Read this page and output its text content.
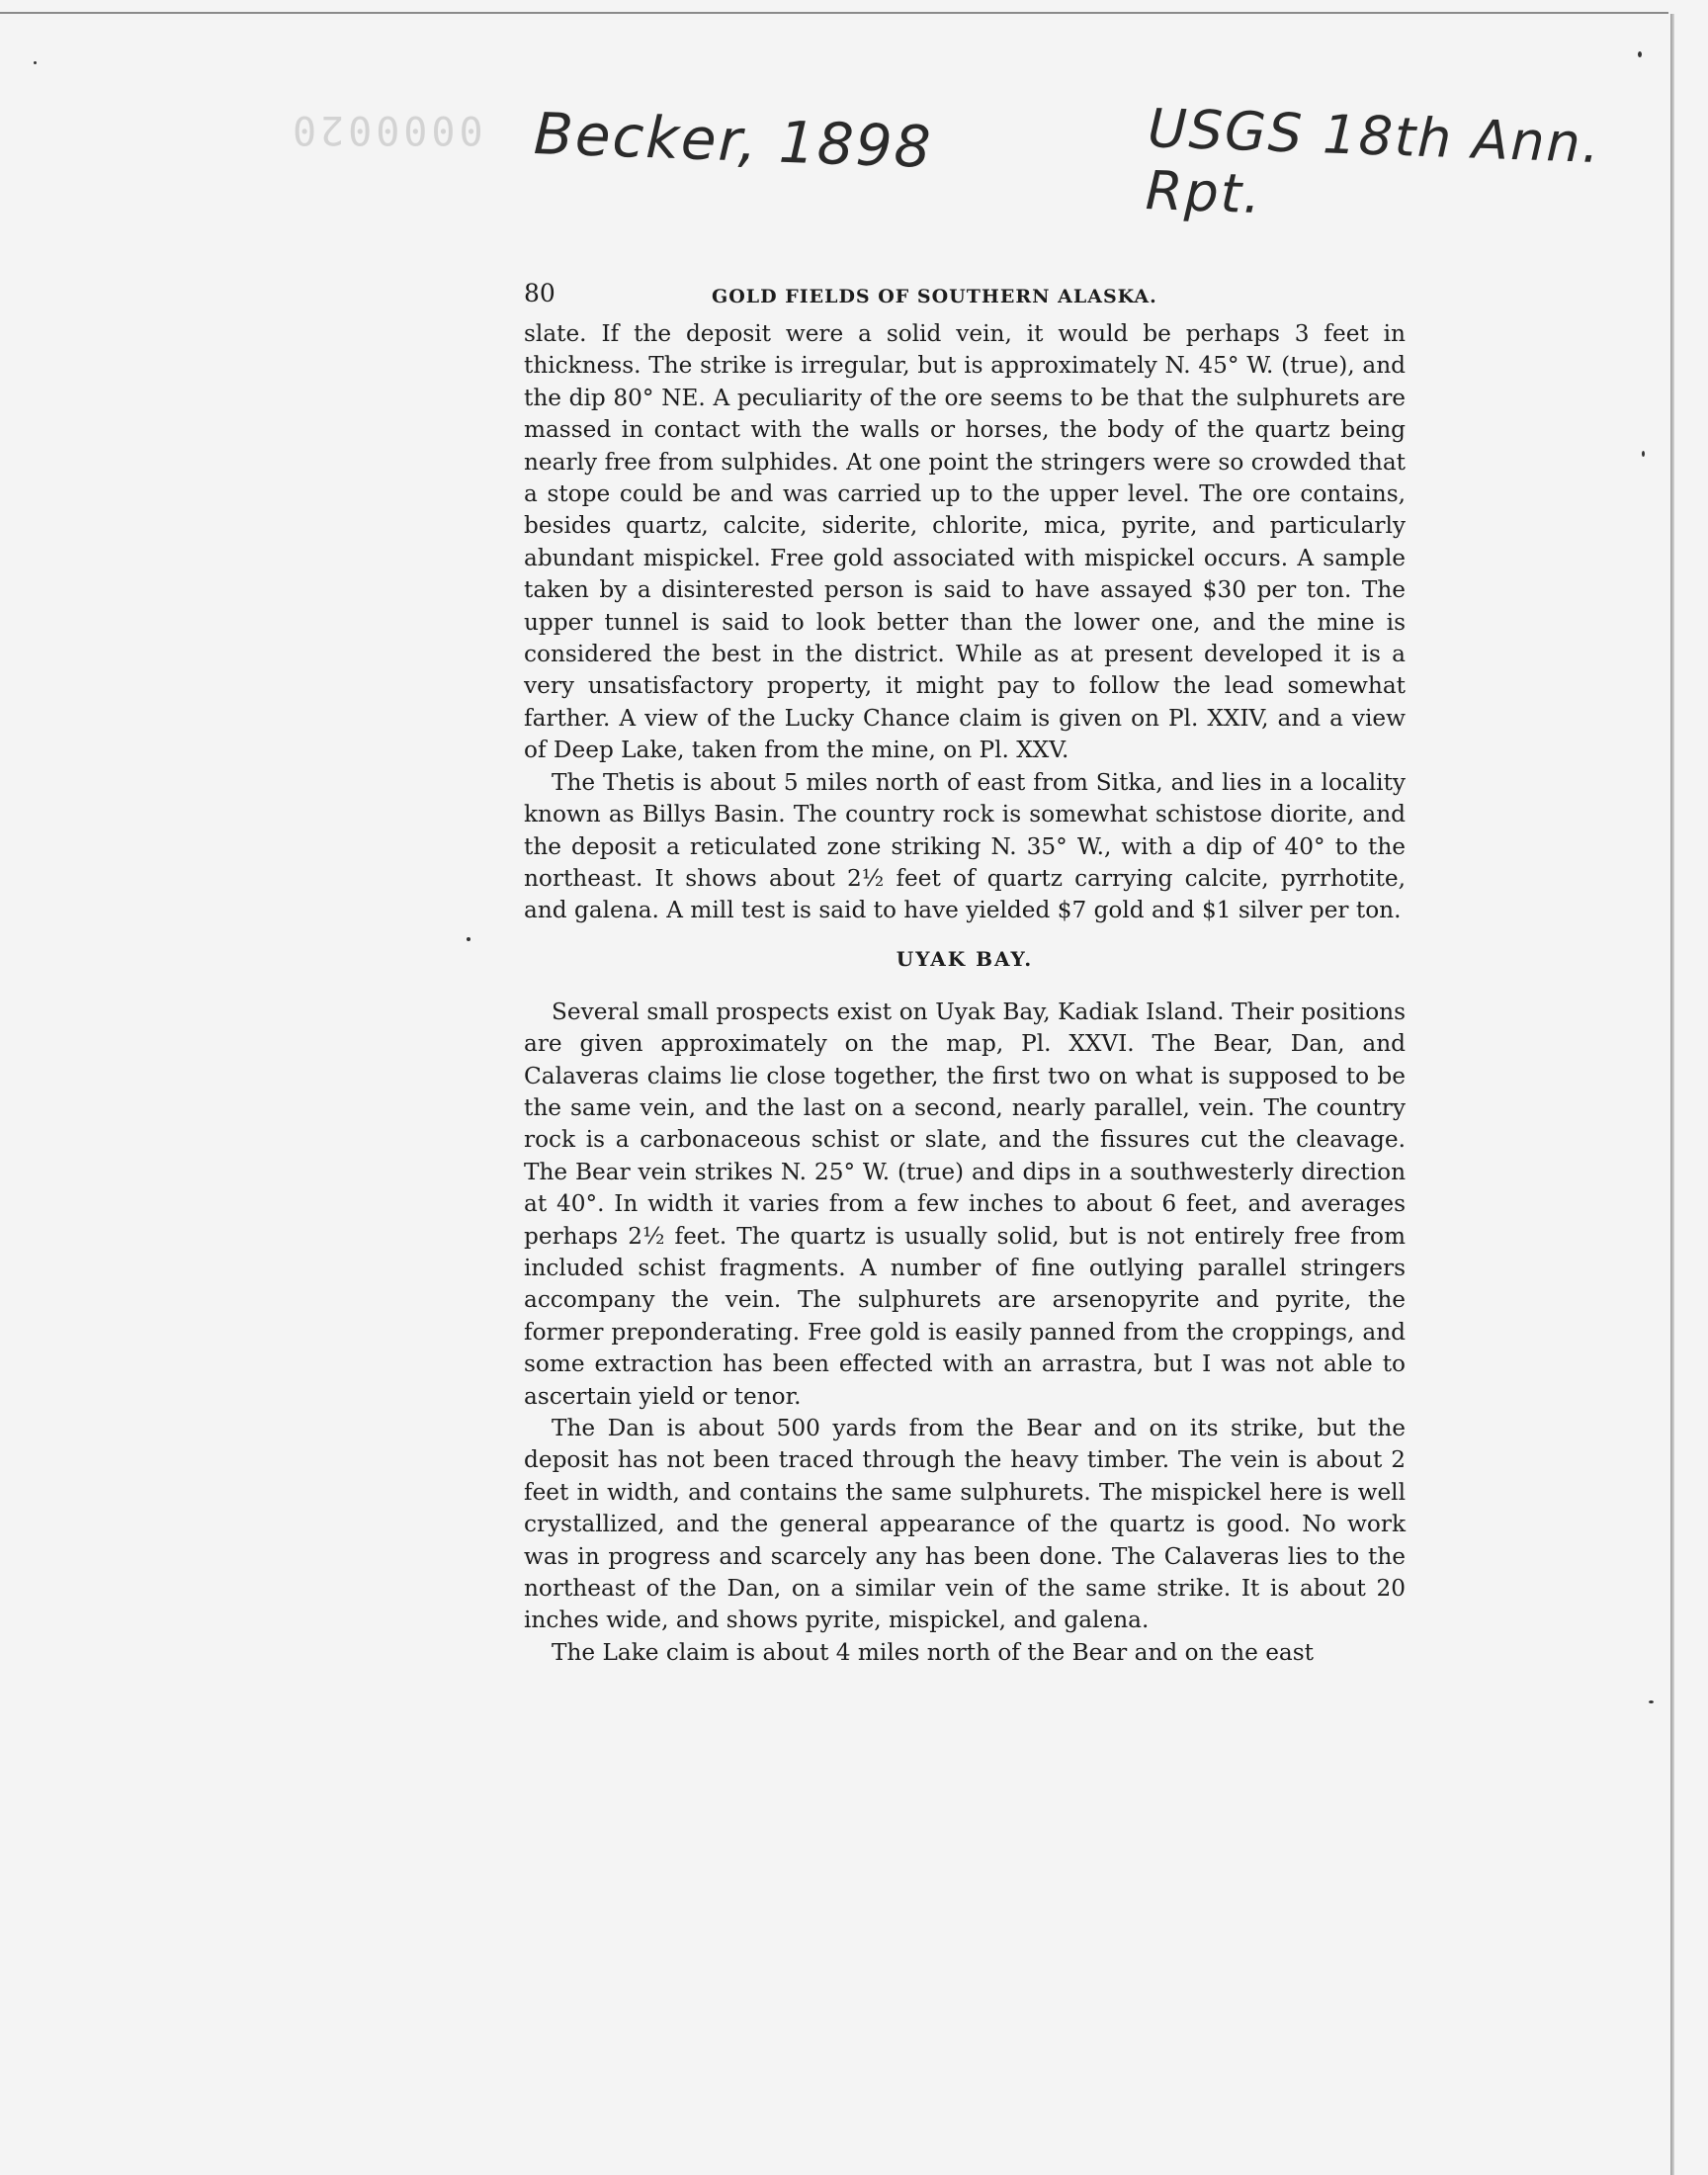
0000020 Becker, 1898	USGS 18th Ann. Rpt.
80	GOLD FIELDS OF SOUTHERN ALASKA.

slate. If the deposit were a solid vein, it would be perhaps 3 feet in thickness. The strike is irregular, but is approximately N. 45° W. (true), and the dip 80° NE. A peculiarity of the ore seems to be that the sulphurets are massed in contact with the walls or horses, the body of the quartz being nearly free from sulphides. At one point the stringers were so crowded that a stope could be and was carried up to the upper level. The ore contains, besides quartz, calcite, siderite, chlorite, mica, pyrite, and particularly abundant mispickel. Free gold associated with mispickel occurs. A sample taken by a disinterested person is said to have assayed $30 per ton. The upper tunnel is said to look better than the lower one, and the mine is considered the best in the district. While as at present developed it is a very unsatisfactory property, it might pay to follow the lead somewhat farther. A view of the Lucky Chance claim is given on Pl. XXIV, and a view of Deep Lake, taken from the mine, on Pl. XXV.

The Thetis is about 5 miles north of east from Sitka, and lies in a locality known as Billys Basin. The country rock is somewhat schistose diorite, and the deposit a reticulated zone striking N. 35° W., with a dip of 40° to the northeast. It shows about 2½ feet of quartz carrying calcite, pyrrhotite, and galena. A mill test is said to have yielded $7 gold and $1 silver per ton.

UYAK BAY.

Several small prospects exist on Uyak Bay, Kadiak Island. Their positions are given approximately on the map, Pl. XXVI. The Bear, Dan, and Calaveras claims lie close together, the first two on what is supposed to be the same vein, and the last on a second, nearly parallel, vein. The country rock is a carbonaceous schist or slate, and the fissures cut the cleavage. The Bear vein strikes N. 25° W. (true) and dips in a southwesterly direction at 40°. In width it varies from a few inches to about 6 feet, and averages perhaps 2½ feet. The quartz is usually solid, but is not entirely free from included schist fragments. A number of fine outlying parallel stringers accompany the vein. The sulphurets are arsenopyrite and pyrite, the former preponderating. Free gold is easily panned from the croppings, and some extraction has been effected with an arrastra, but I was not able to ascertain yield or tenor.

The Dan is about 500 yards from the Bear and on its strike, but the deposit has not been traced through the heavy timber. The vein is about 2 feet in width, and contains the same sulphurets. The mispickel here is well crystallized, and the general appearance of the quartz is good. No work was in progress and scarcely any has been done. The Calaveras lies to the northeast of the Dan, on a similar vein of the same strike. It is about 20 inches wide, and shows pyrite, mispickel, and galena.

The Lake claim is about 4 miles north of the Bear and on the east
